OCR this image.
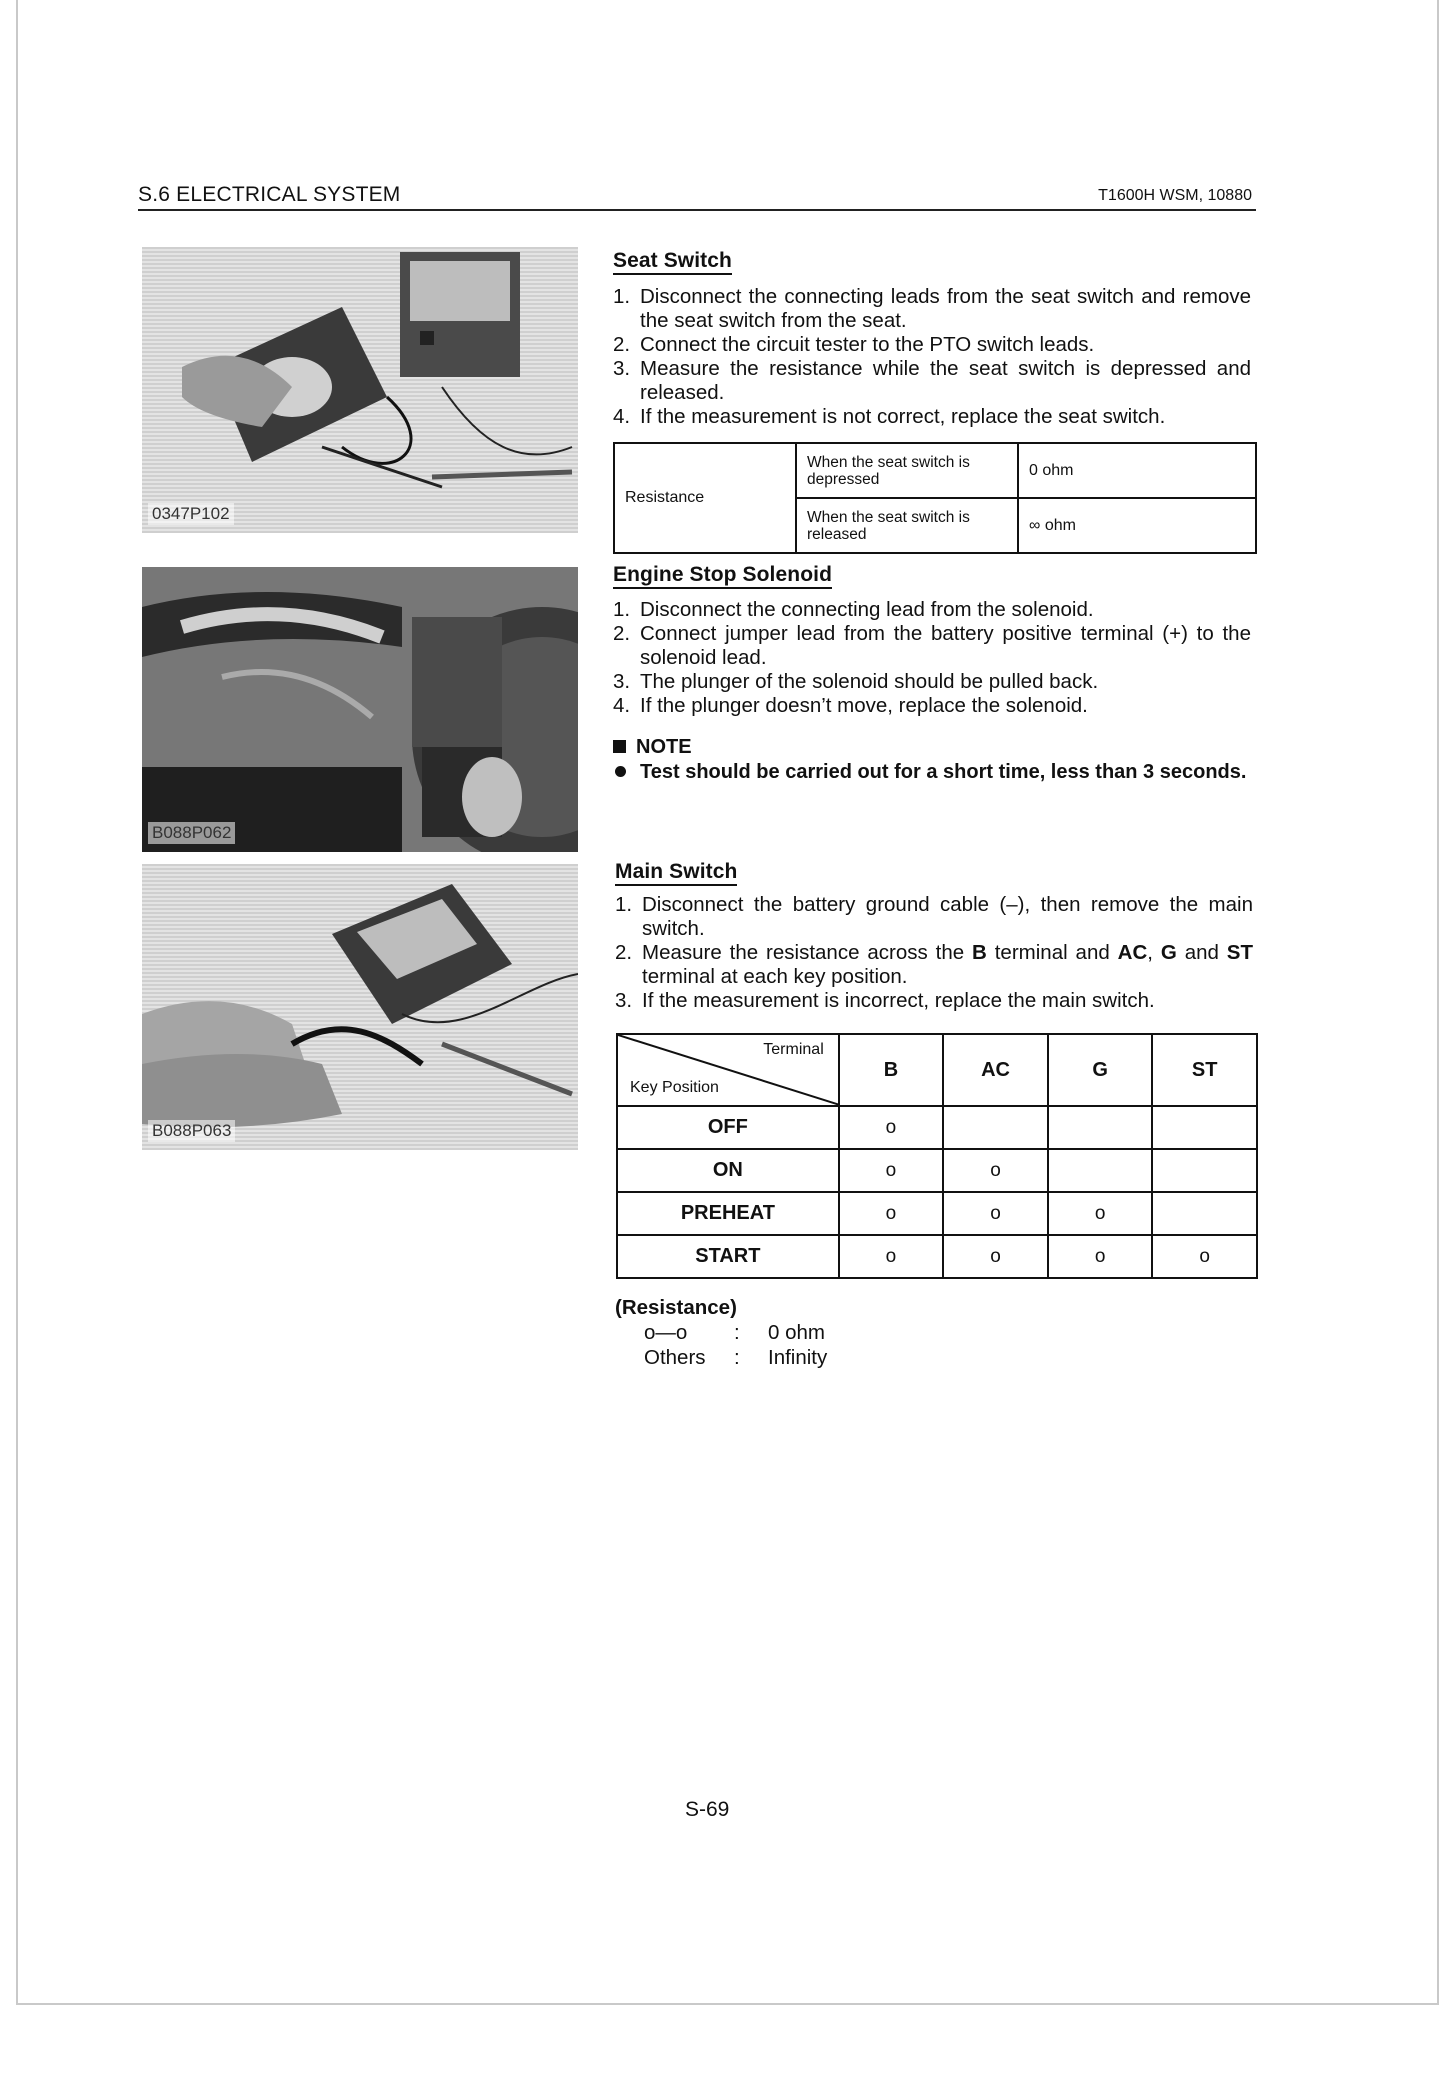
S.6 ELECTRICAL SYSTEM	T1600H WSM, 10880
0347P102
B088P062
B088P063
Seat Switch
1. Disconnect the connecting leads from the seat switch and remove the seat switch from the seat.
2. Connect the circuit tester to the PTO switch leads.
3. Measure the resistance while the seat switch is depressed and released.
4. If the measurement is not correct, replace the seat switch.
Resistance	When the seat switch is depressed	0 ohm
	When the seat switch is released	∞ ohm
Engine Stop Solenoid
1. Disconnect the connecting lead from the solenoid.
2. Connect jumper lead from the battery positive terminal (+) to the solenoid lead.
3. The plunger of the solenoid should be pulled back.
4. If the plunger doesn’t move, replace the solenoid.
NOTE
Test should be carried out for a short time, less than 3 seconds.
Main Switch
1. Disconnect the battery ground cable (–), then remove the main switch.
2. Measure the resistance across the B terminal and AC, G and ST terminal at each key position.
3. If the measurement is incorrect, replace the main switch.
Terminal
Key Position	B	AC	G	ST
OFF	o			
ON	o	o		
PREHEAT	o	o	o	
START	o	o	o	o
(Resistance)
o—o : 0 ohm
Others : Infinity
S-69
